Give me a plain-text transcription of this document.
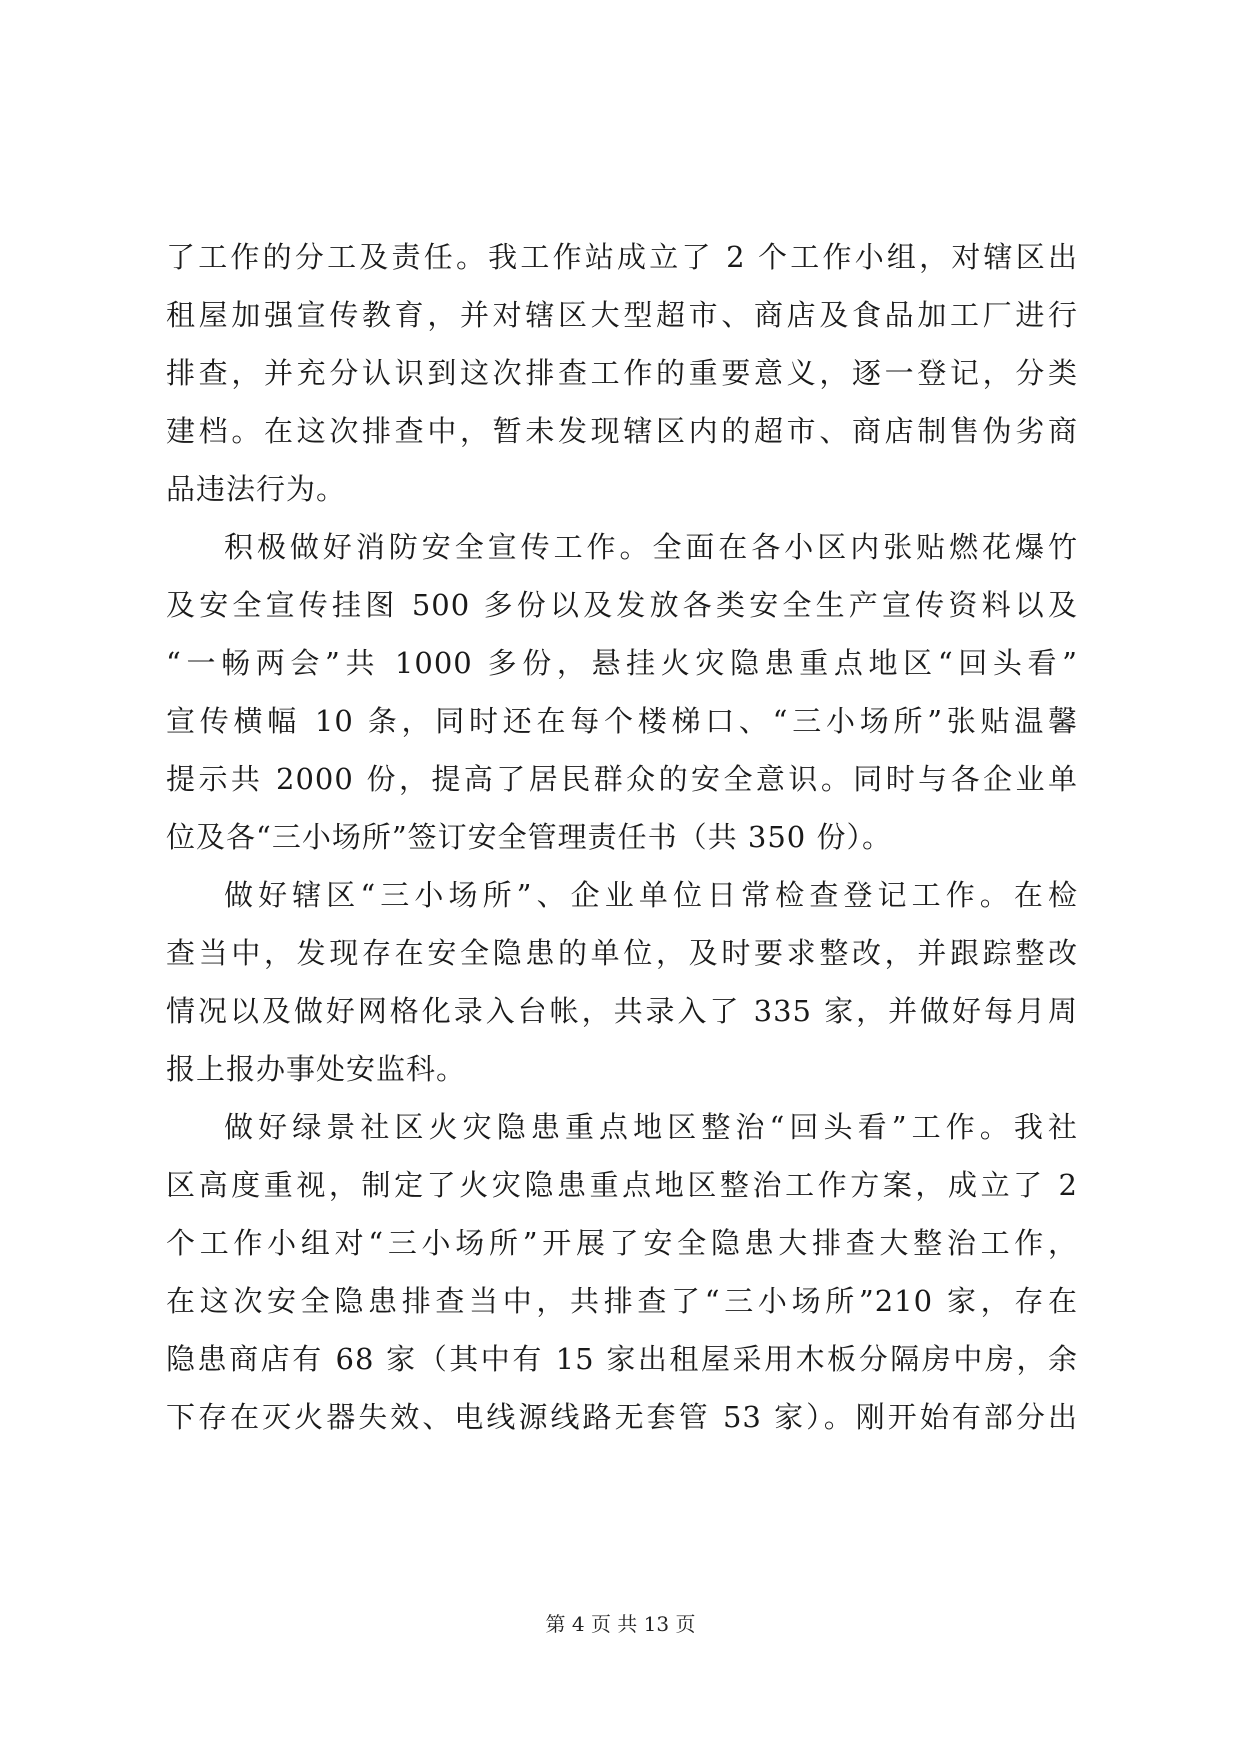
了工作的分工及责任。我工作站成立了 2 个工作小组，对辖区出
租屋加强宣传教育，并对辖区大型超市、商店及食品加工厂进行
排查，并充分认识到这次排查工作的重要意义，逐一登记，分类
建档。在这次排查中，暂未发现辖区内的超市、商店制售伪劣商
品违法行为。
积极做好消防安全宣传工作。全面在各小区内张贴燃花爆竹
及安全宣传挂图 500 多份以及发放各类安全生产宣传资料以及
“一畅两会”共 1000 多份，悬挂火灾隐患重点地区“回头看”
宣传横幅 10 条，同时还在每个楼梯口、“三小场所”张贴温馨
提示共 2000 份，提高了居民群众的安全意识。同时与各企业单
位及各“三小场所”签订安全管理责任书（共 350 份）。
做好辖区“三小场所”、企业单位日常检查登记工作。在检
查当中，发现存在安全隐患的单位，及时要求整改，并跟踪整改
情况以及做好网格化录入台帐，共录入了 335 家，并做好每月周
报上报办事处安监科。
做好绿景社区火灾隐患重点地区整治“回头看”工作。我社
区高度重视，制定了火灾隐患重点地区整治工作方案，成立了 2
个工作小组对“三小场所”开展了安全隐患大排查大整治工作，
在这次安全隐患排查当中，共排查了“三小场所”210 家，存在
隐患商店有 68 家（其中有 15 家出租屋采用木板分隔房中房，余
下存在灭火器失效、电线源线路无套管 53 家）。刚开始有部分出
第 4 页 共 13 页
